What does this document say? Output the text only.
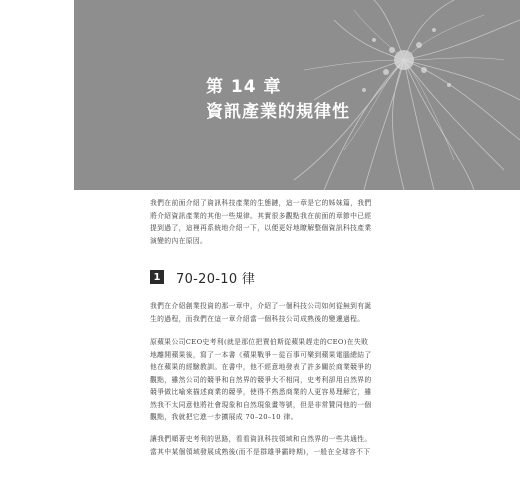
第 14 章
資訊產業的規律性

我們在前面介紹了資訊科技產業的生態鏈，這一章是它的姊妹篇，我們
將介紹資訊產業的其他一些規律。其實很多觀點我在前面的章節中已經
提到過了，這裡再系統地介紹一下，以便更好地瞭解整個資訊科技產業
演變的內在原因。

1 70-20-10 律

我們在介紹創業投資的那一章中，介紹了一個科技公司如何從無到有誕
生的過程，而我們在這一章介紹當一個科技公司成熟後的變遷過程。

原蘋果公司CEO史考利(就是那位把賈伯斯從蘋果趕走的CEO)在失敗
地離開蘋果後，寫了一本書《蘋果戰爭－從百事可樂到蘋果電腦總結了
他在蘋果的經驗教訓。在書中，他不經意地發表了許多關於商業競爭的
觀點，雖然公司的競爭和自然界的競爭大不相同，史考利卻用自然界的
競爭做比喻來描述商業的競爭，使得不熟悉商業的人更容易理解它，雖
然我不太同意他將社會現象和自然現象畫等號，但是非常贊同他的一個
觀點，我就把它進一步擴展成 70–20–10 律。

讓我們順著史考利的思路，看看資訊科技領域和自然界的一些共通性。
當其中某個領域發展成熟後(而不是群雄爭霸時期)，一般在全球容不下
